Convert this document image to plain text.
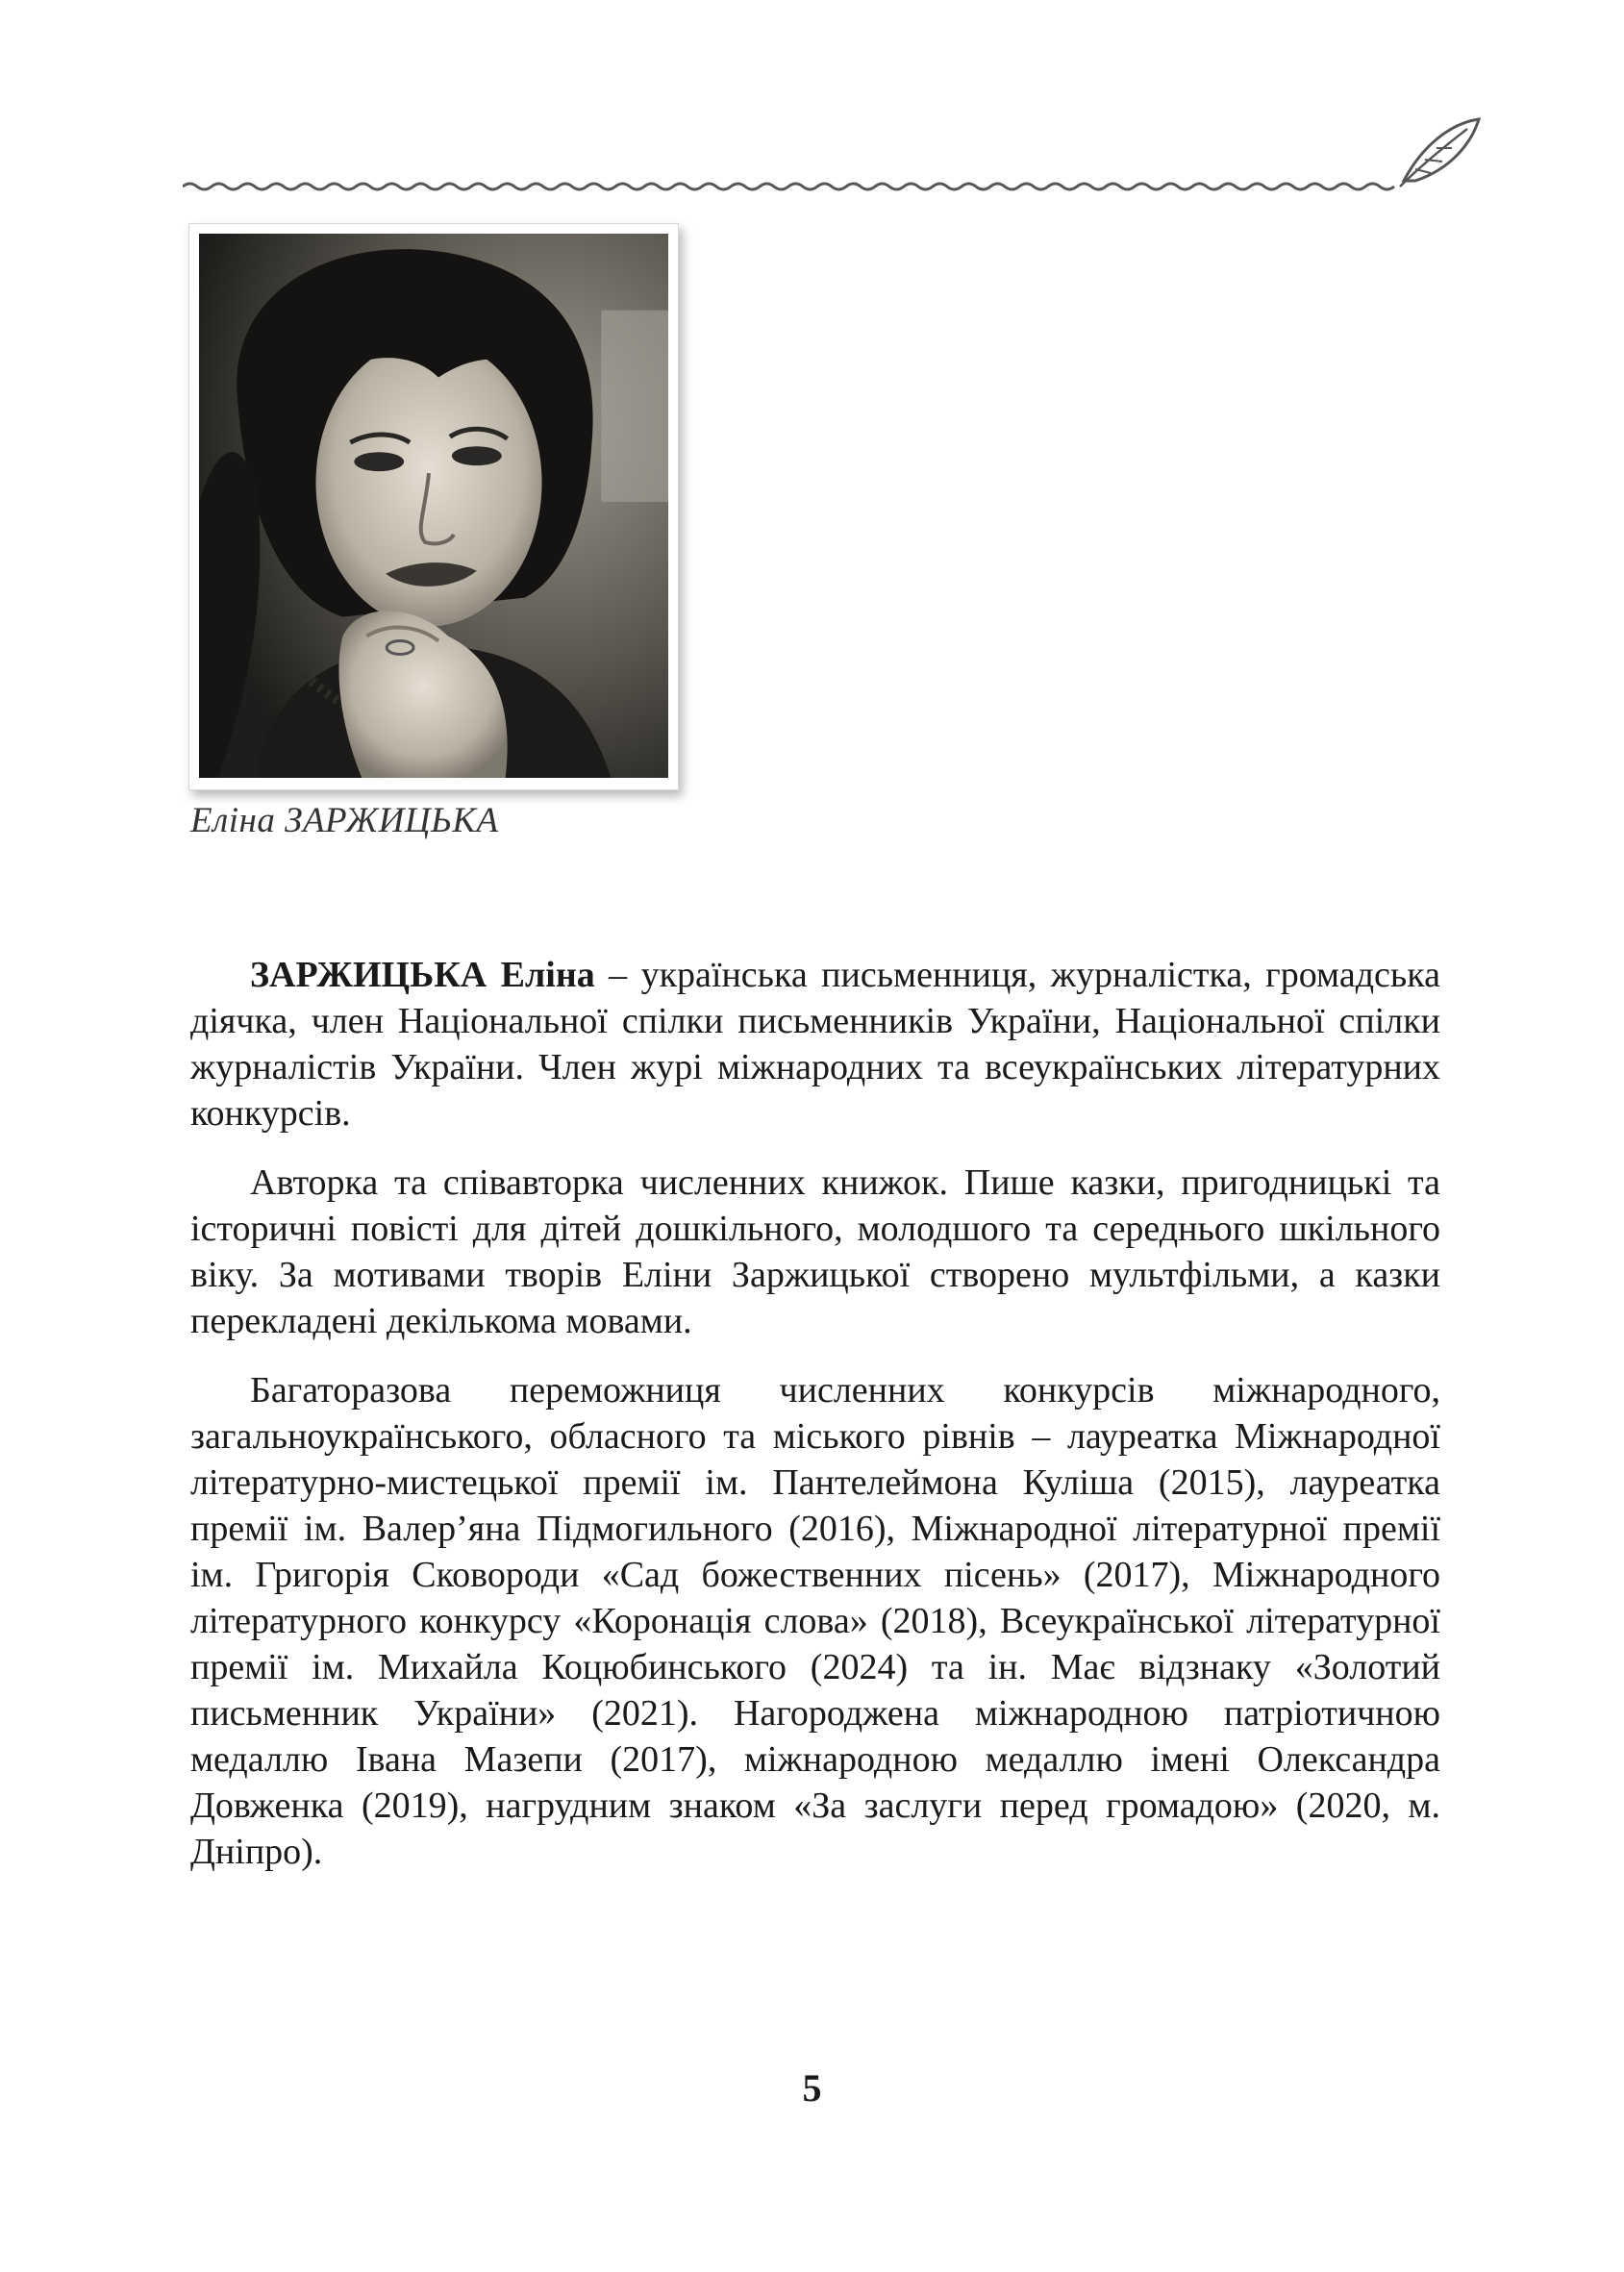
Еліна ЗАРЖИЦЬКА

ЗАРЖИЦЬКА Еліна – українська письменниця, журналістка, громадська діячка, член Національної спілки письменників України, Національної спілки журналістів України. Член журі міжнародних та всеукраїнських літературних конкурсів.

Авторка та співавторка численних книжок. Пише казки, пригодницькі та історичні повісті для дітей дошкільного, молодшого та середнього шкільного віку. За мотивами творів Еліни Заржицької створено мультфільми, а казки перекладені декількома мовами.

Багаторазова переможниця численних конкурсів міжнародного, загальноукраїнського, обласного та міського рівнів – лауреатка Міжнародної літературно-мистецької премії ім. Пантелеймона Куліша (2015), лауреатка премії ім. Валер’яна Підмогильного (2016), Міжнародної літературної премії ім. Григорія Сковороди «Сад божественних пісень» (2017), Міжнародного літературного конкурсу «Коронація слова» (2018), Всеукраїнської літературної премії ім. Михайла Коцюбинського (2024) та ін. Має відзнаку «Золотий письменник України» (2021). Нагороджена міжнародною патріотичною медаллю Івана Мазепи (2017), міжнародною медаллю імені Олександра Довженка (2019), нагрудним знаком «За заслуги перед громадою» (2020, м. Дніпро).

5
